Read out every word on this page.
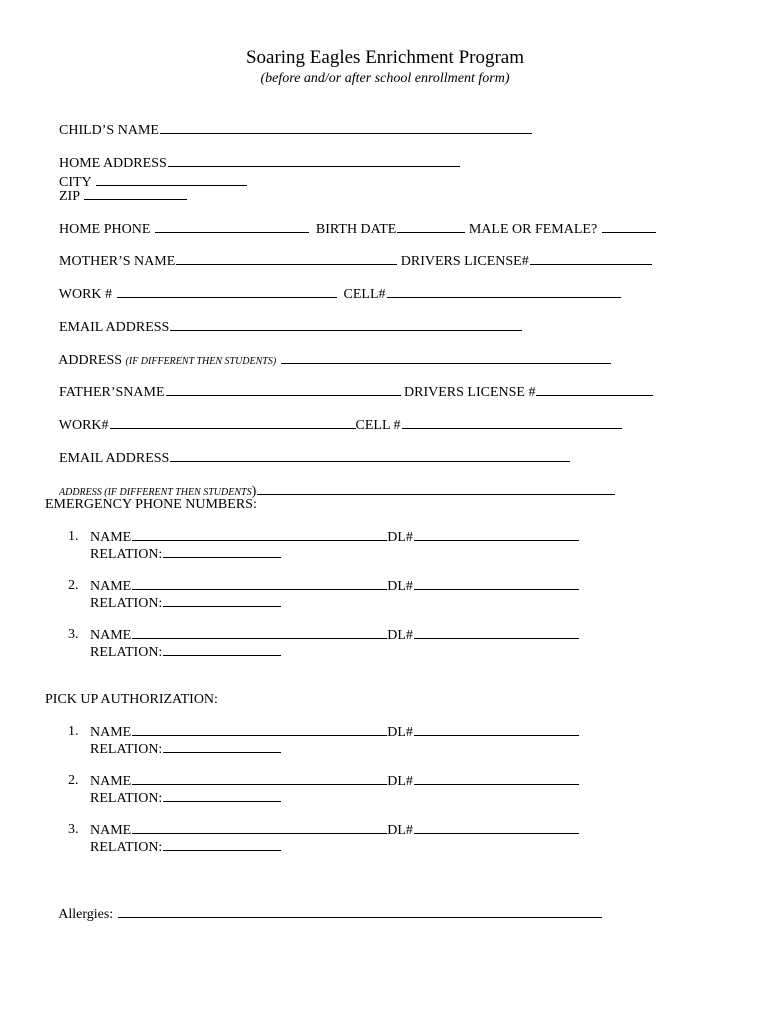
Soaring Eagles Enrichment Program
(before and/or after school enrollment form)

CHILD’S NAME

HOME ADDRESS
CITY

ZIP

HOME PHONE	BIRTH DATE	MALE OR FEMALE?

MOTHER’S NAME	DRIVERS LICENSE#

WORK #	CELL#

EMAIL ADDRESS

ADDRESS (IF DIFFERENT THEN STUDENTS)

FATHER’SNAME	DRIVERS LICENSE #

WORK#	CELL #

EMAIL ADDRESS

ADDRESS (IF DIFFERENT THEN STUDENTS)

EMERGENCY PHONE NUMBERS:
1. NAME	DL#
RELATION:
2. NAME	DL#
RELATION:
3. NAME	DL#
RELATION:
PICK UP AUTHORIZATION:
1. NAME	DL#
RELATION:
2. NAME	DL#
RELATION:
3. NAME	DL#
RELATION:

Allergies:
